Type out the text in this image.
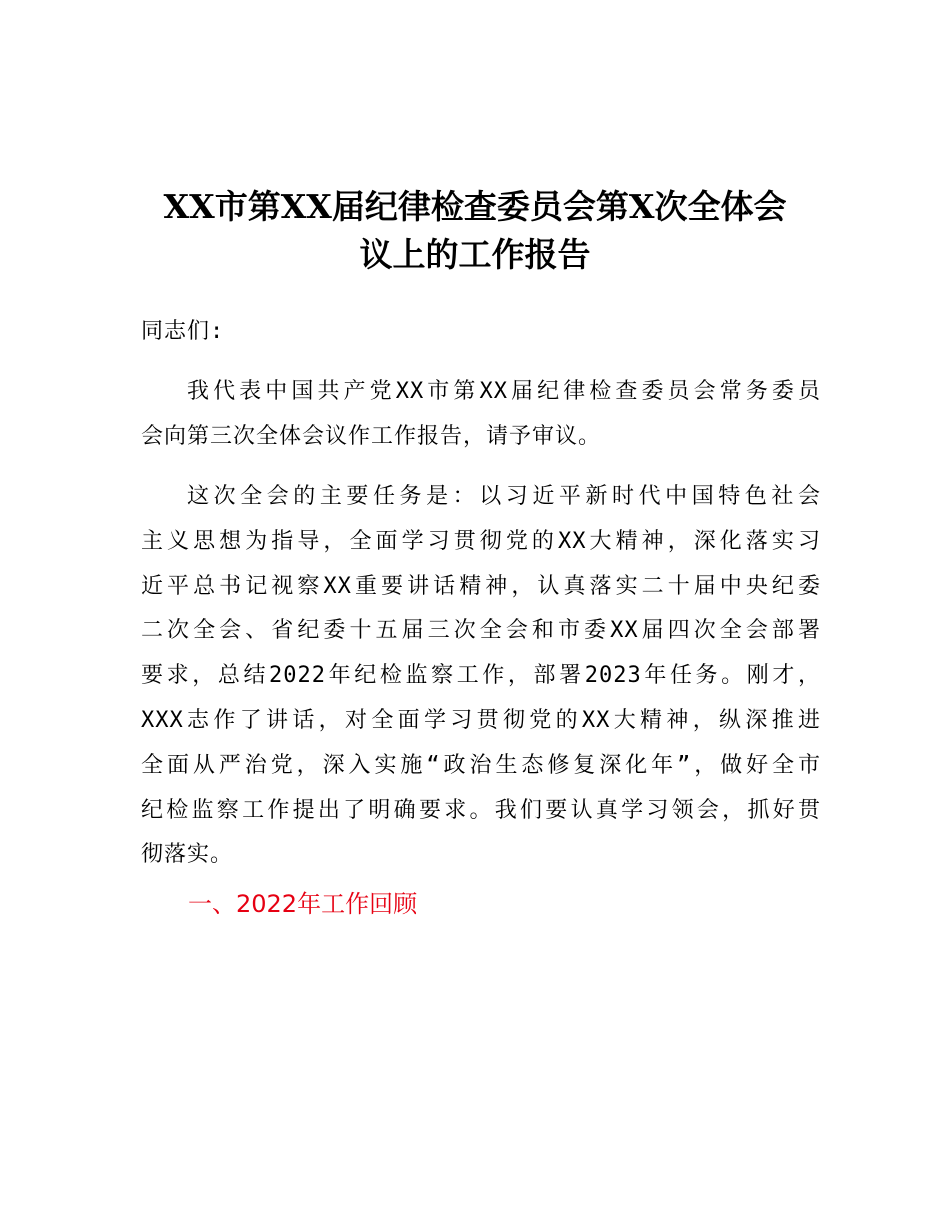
XX市第XX届纪律检查委员会第X次全体会
议上的工作报告

同志们:

我代表中国共产党XX市第XX届纪律检查委员会常务委员
会向第三次全体会议作工作报告，请予审议。
这次全会的主要任务是：以习近平新时代中国特色社会
主义思想为指导，全面学习贯彻党的XX大精神，深化落实习
近平总书记视察XX重要讲话精神，认真落实二十届中央纪委
二次全会、省纪委十五届三次全会和市委XX届四次全会部署
要求，总结2022年纪检监察工作，部署2023年任务。刚才，
XXX志作了讲话，对全面学习贯彻党的XX大精神，纵深推进
全面从严治党，深入实施“政治生态修复深化年”，做好全市
纪检监察工作提出了明确要求。我们要认真学习领会，抓好贯
彻落实。
一、2022年工作回顾
